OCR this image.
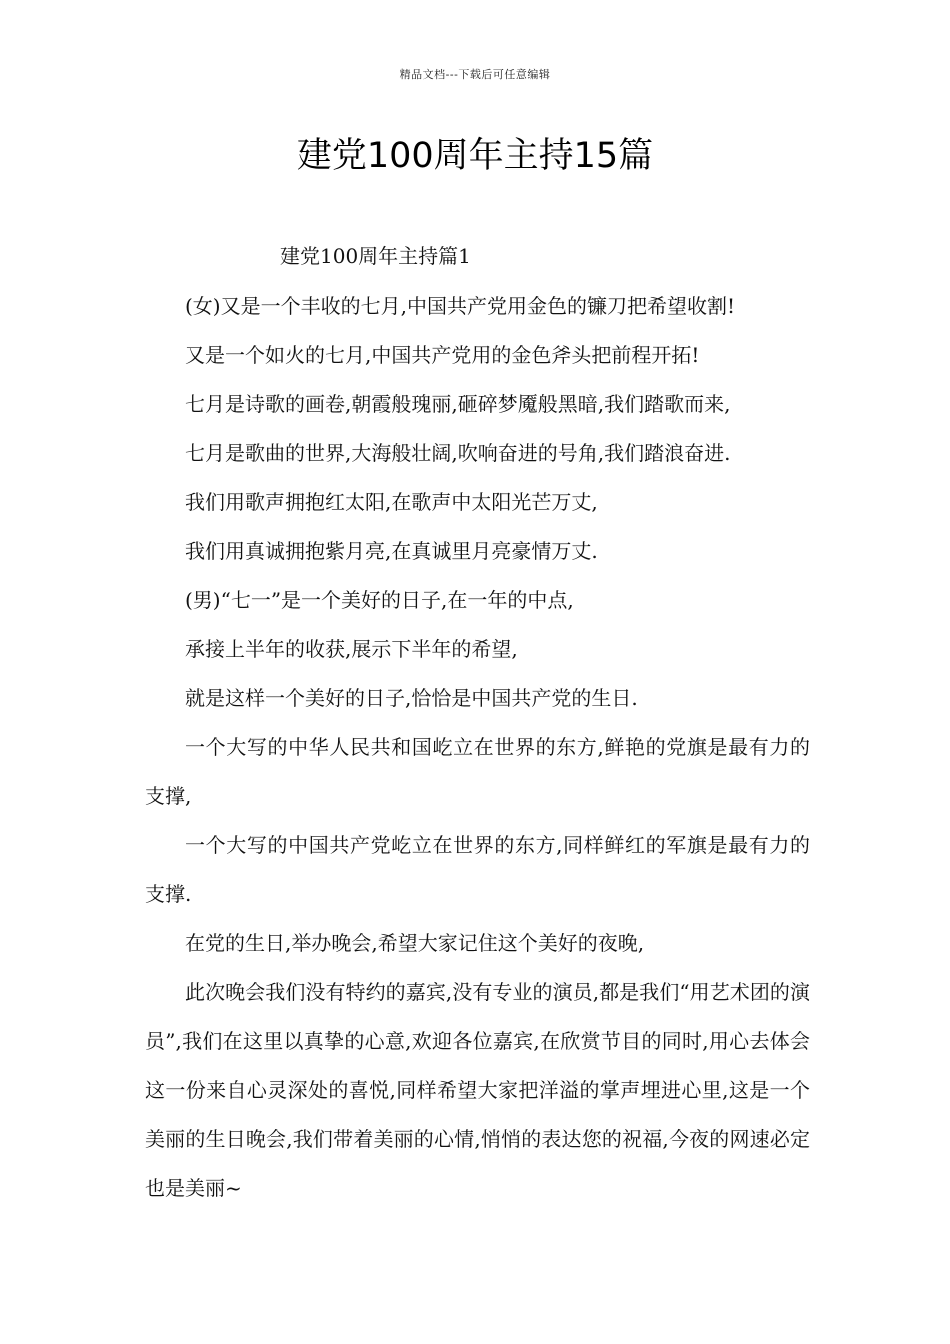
精品文档---下载后可任意编辑
建党100周年主持15篇
建党100周年主持篇1

(女)又是一个丰收的七月,中国共产党用金色的镰刀把希望收割!

又是一个如火的七月,中国共产党用的金色斧头把前程开拓!

七月是诗歌的画卷,朝霞般瑰丽,砸碎梦魇般黑暗,我们踏歌而来,

七月是歌曲的世界,大海般壮阔,吹响奋进的号角,我们踏浪奋进.

我们用歌声拥抱红太阳,在歌声中太阳光芒万丈,

我们用真诚拥抱紫月亮,在真诚里月亮豪情万丈.

(男)“七一”是一个美好的日子,在一年的中点,

承接上半年的收获,展示下半年的希望,

就是这样一个美好的日子,恰恰是中国共产党的生日.

一个大写的中华人民共和国屹立在世界的东方,鲜艳的党旗是最有力的支撑,

一个大写的中国共产党屹立在世界的东方,同样鲜红的军旗是最有力的支撑.

在党的生日,举办晚会,希望大家记住这个美好的夜晚,

此次晚会我们没有特约的嘉宾,没有专业的演员,都是我们“用艺术团的演员”,我们在这里以真挚的心意,欢迎各位嘉宾,在欣赏节目的同时,用心去体会这一份来自心灵深处的喜悦,同样希望大家把洋溢的掌声埋进心里,这是一个美丽的生日晚会,我们带着美丽的心情,悄悄的表达您的祝福,今夜的网速必定也是美丽~
